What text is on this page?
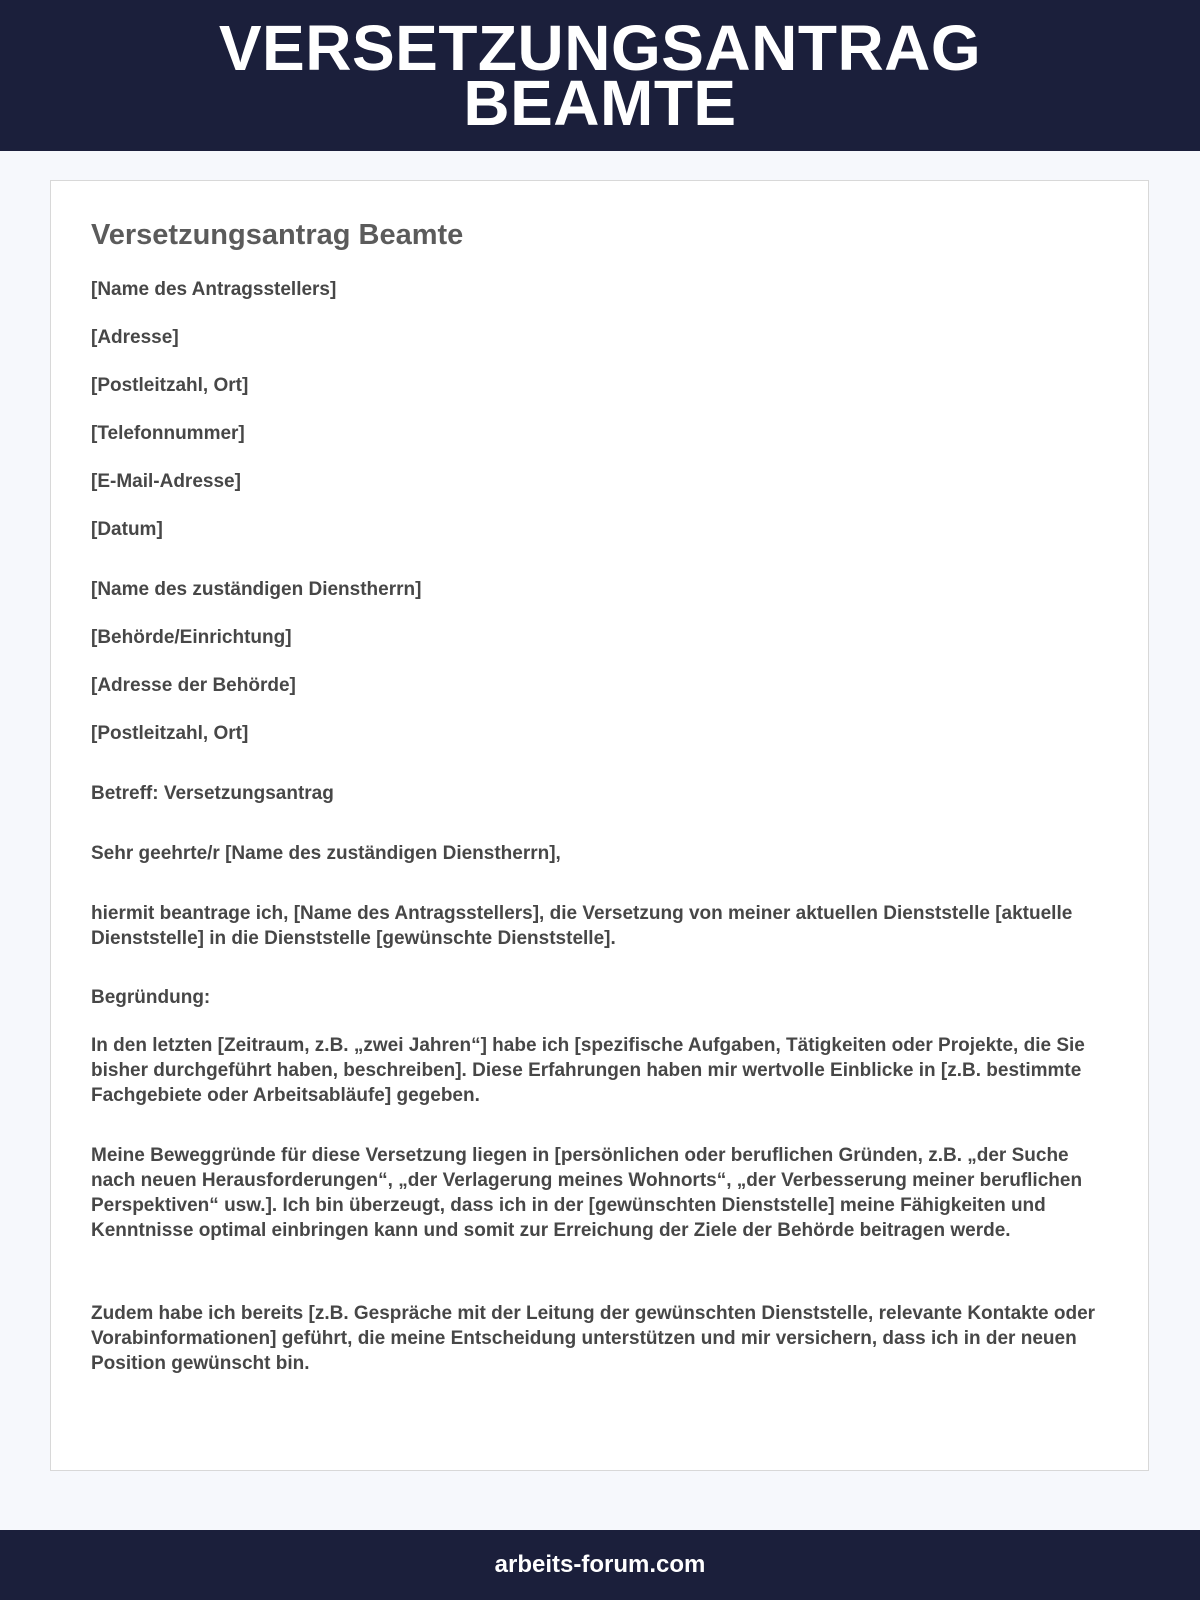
VERSETZUNGSANTRAG
BEAMTE
Versetzungsantrag Beamte

[Name des Antragsstellers]

[Adresse]

[Postleitzahl, Ort]

[Telefonnummer]

[E-Mail-Adresse]

[Datum]

[Name des zuständigen Dienstherrn]

[Behörde/Einrichtung]

[Adresse der Behörde]

[Postleitzahl, Ort]

Betreff: Versetzungsantrag

Sehr geehrte/r [Name des zuständigen Dienstherrn],

hiermit beantrage ich, [Name des Antragsstellers], die Versetzung von meiner aktuellen Dienststelle [aktuelle Dienststelle] in die Dienststelle [gewünschte Dienststelle].

Begründung:

In den letzten [Zeitraum, z.B. „zwei Jahren“] habe ich [spezifische Aufgaben, Tätigkeiten oder Projekte, die Sie bisher durchgeführt haben, beschreiben]. Diese Erfahrungen haben mir wertvolle Einblicke in [z.B. bestimmte Fachgebiete oder Arbeitsabläufe] gegeben.

Meine Beweggründe für diese Versetzung liegen in [persönlichen oder beruflichen Gründen, z.B. „der Suche nach neuen Herausforderungen“, „der Verlagerung meines Wohnorts“, „der Verbesserung meiner beruflichen Perspektiven“ usw.]. Ich bin überzeugt, dass ich in der [gewünschten Dienststelle] meine Fähigkeiten und Kenntnisse optimal einbringen kann und somit zur Erreichung der Ziele der Behörde beitragen werde.

Zudem habe ich bereits [z.B. Gespräche mit der Leitung der gewünschten Dienststelle, relevante Kontakte oder Vorabinformationen] geführt, die meine Entscheidung unterstützen und mir versichern, dass ich in der neuen Position gewünscht bin.

arbeits-forum.com
